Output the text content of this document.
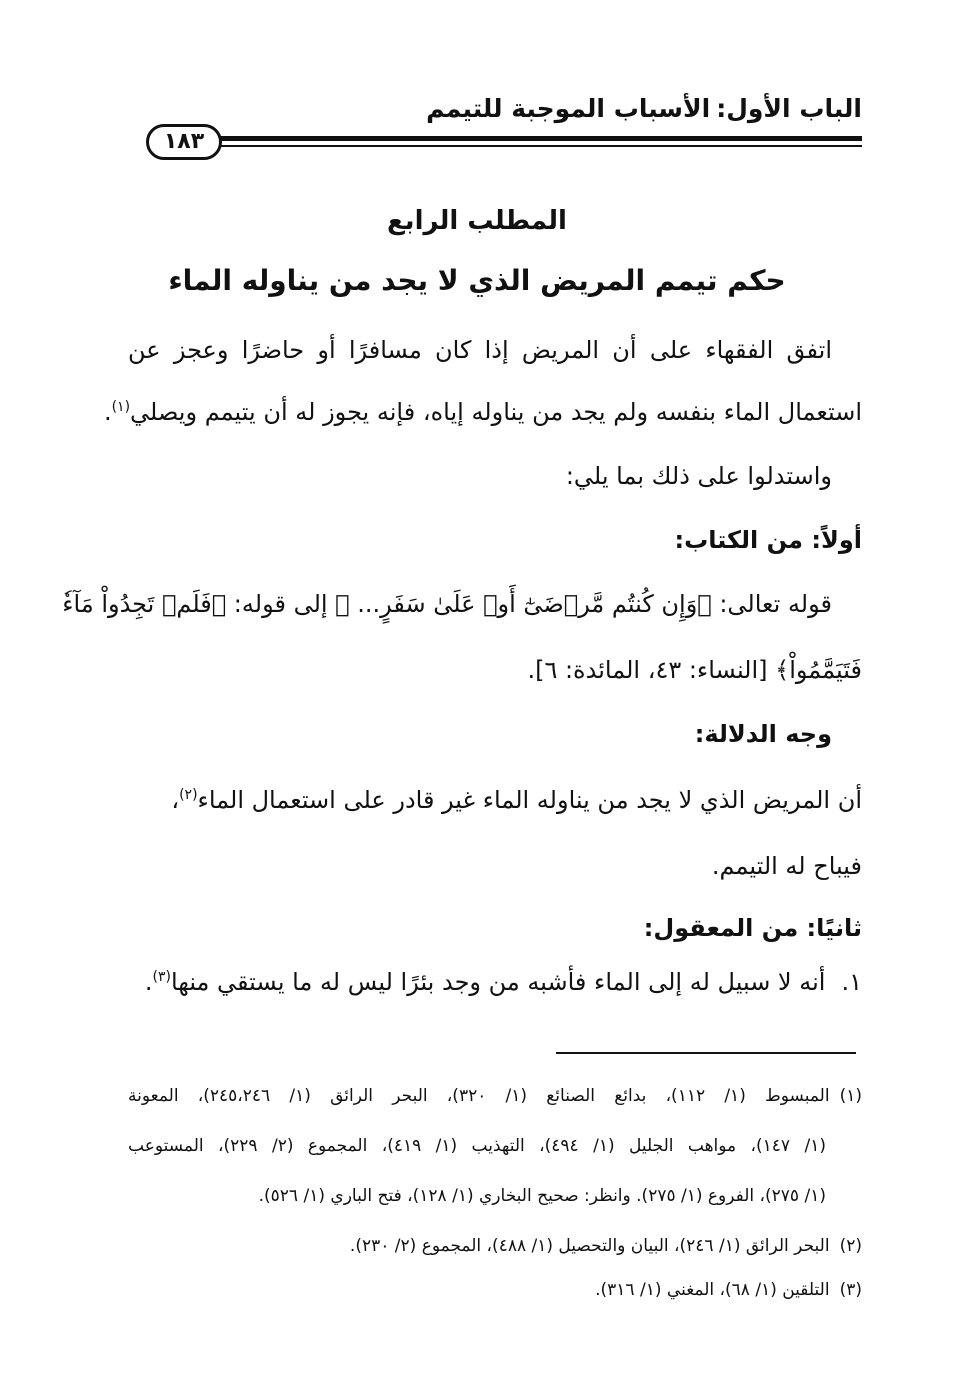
الباب الأول:الأسباب الموجبة للتيمم
١٨٣
المطلب الرابع
حكم تيمم المريض الذي لا يجد من يناوله الماء
اتفق الفقهاء على أن المريض إذا كان مسافرًا أو حاضرًا وعجز عن
استعمال الماء بنفسه ولم يجد من يناوله إياه، فإنه يجوز له أن يتيمم ويصلي$^{(١)}$.
واستدلوا على ذلك بما يلي:
أولاً: من الكتاب:
قوله تعالى: ﴿وَإِن كُنتُم مَّرۡضَىٰٓ أَوۡ عَلَىٰ سَفَرٍ... ﴾ إلى قوله: ﴿فَلَمۡ تَجِدُواْ مَآءٗ
فَتَيَمَّمُواْ﴾ [النساء: ٤٣، المائدة: ٦].
وجه الدلالة:
أن المريض الذي لا يجد من يناوله الماء غير قادر على استعمال الماء$^{(٢)}$،
فيباح له التيمم.
ثانيًا: من المعقول:
١.أنه لا سبيل له إلى الماء فأشبه من وجد بئرًا ليس له ما يستقي منها$^{(٣)}$.
(١)المبسوط (١/ ١١٢)، بدائع الصنائع (١/ ٣٢٠)، البحر الرائق (١/ ٢٤٥،٢٤٦)، المعونة
(١/ ١٤٧)، مواهب الجليل (١/ ٤٩٤)، التهذيب (١/ ٤١٩)، المجموع (٢/ ٢٢٩)، المستوعب
(١/ ٢٧٥)، الفروع (١/ ٢٧٥). وانظر: صحيح البخاري (١/ ١٢٨)، فتح الباري (١/ ٥٢٦).
(٢)البحر الرائق (١/ ٢٤٦)، البيان والتحصيل (١/ ٤٨٨)، المجموع (٢/ ٢٣٠).
(٣)التلقين (١/ ٦٨)، المغني (١/ ٣١٦).
